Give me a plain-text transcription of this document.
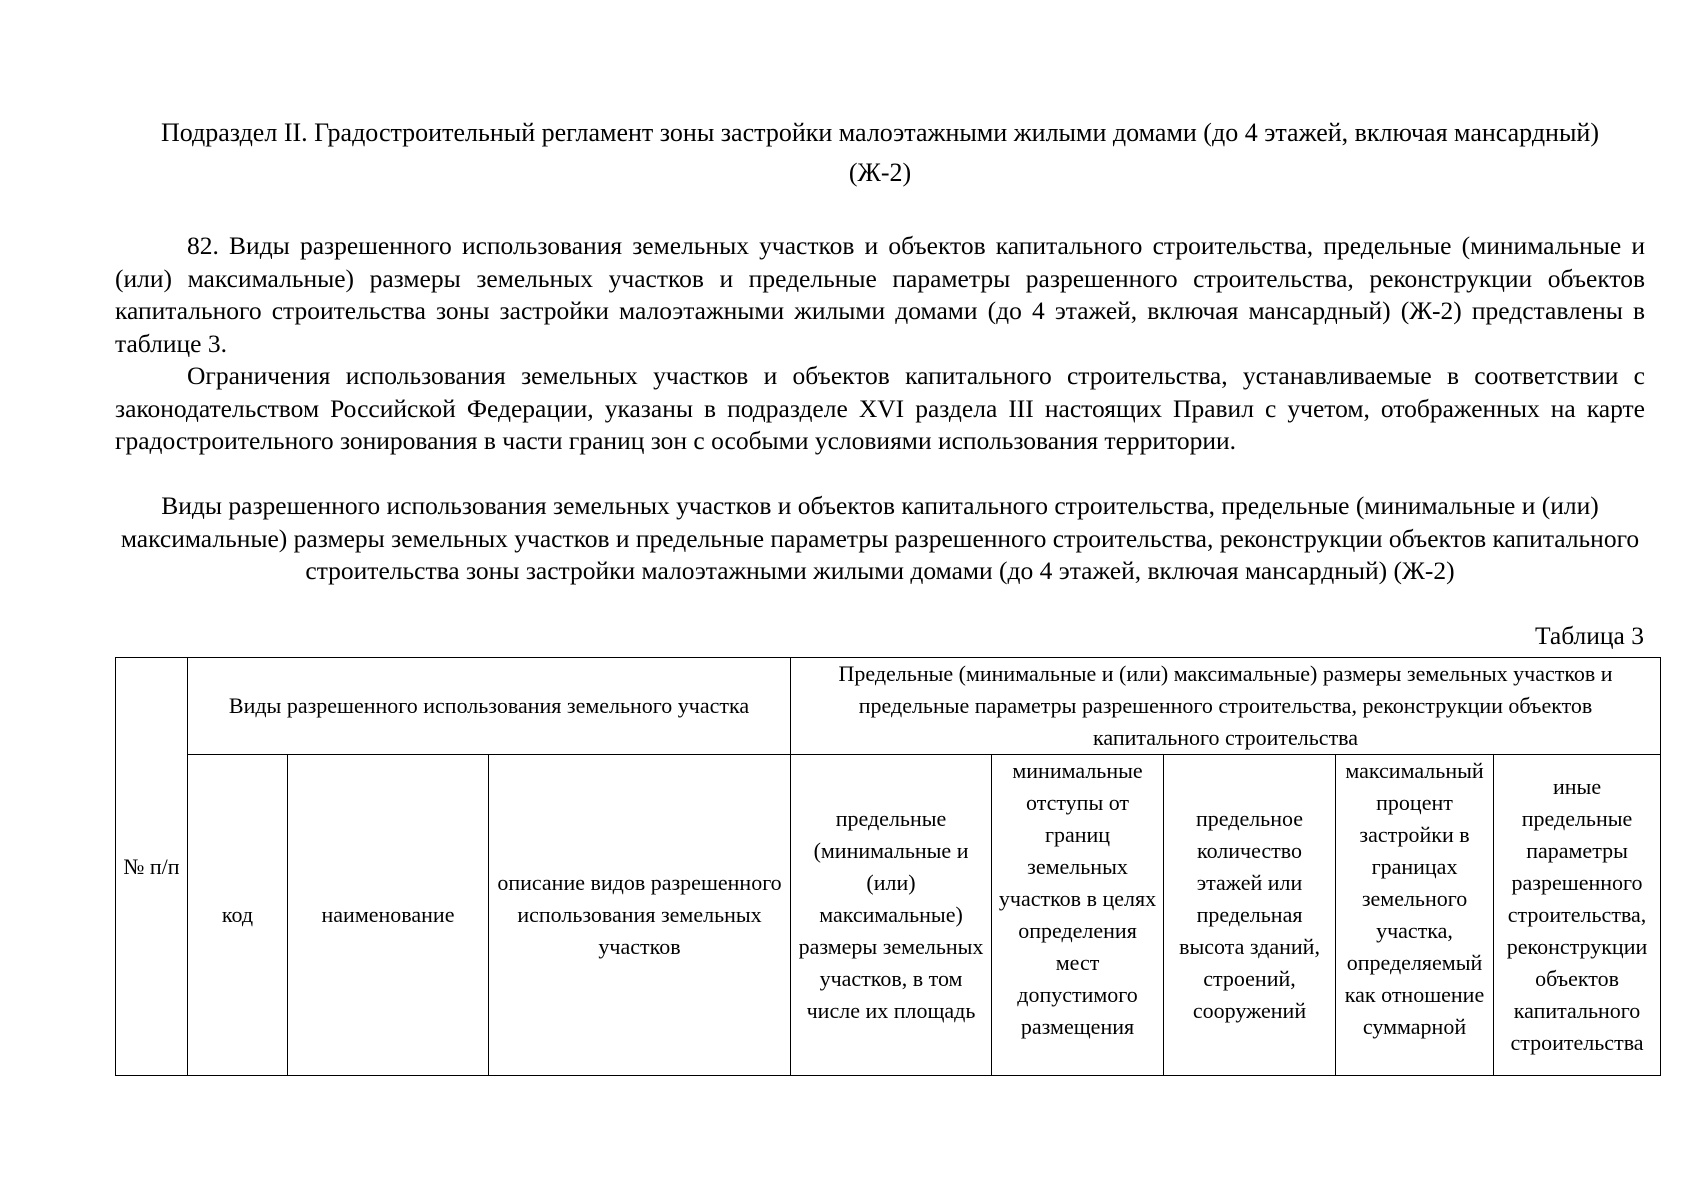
Подраздел II. Градостроительный регламент зоны застройки малоэтажными жилыми домами (до 4 этажей, включая мансардный) (Ж-2)
82. Виды разрешенного использования земельных участков и объектов капитального строительства, предельные (минимальные и (или) максимальные) размеры земельных участков и предельные параметры разрешенного строительства, реконструкции объектов капитального строительства зоны застройки малоэтажными жилыми домами (до 4 этажей, включая мансардный) (Ж-2) представлены в таблице 3.
Ограничения использования земельных участков и объектов капитального строительства, устанавливаемые в соответствии с законодательством Российской Федерации, указаны в подразделе XVI раздела III настоящих Правил с учетом, отображенных на карте градостроительного зонирования в части границ зон с особыми условиями использования территории.
Виды разрешенного использования земельных участков и объектов капитального строительства, предельные (минимальные и (или) максимальные) размеры земельных участков и предельные параметры разрешенного строительства, реконструкции объектов капитального строительства зоны застройки малоэтажными жилыми домами (до 4 этажей, включая мансардный) (Ж-2)
Таблица 3
№ п/п	Виды разрешенного использования земельного участка			Предельные (минимальные и (или) максимальные) размеры земельных участков и предельные параметры разрешенного строительства, реконструкции объектов капитального строительства				
	код	наименование	описание видов разрешенного использования земельных участков	предельные (минимальные и (или) максимальные) размеры земельных участков, в том числе их площадь	минимальные отступы от границ земельных участков в целях определения мест допустимого размещения	предельное количество этажей или предельная высота зданий, строений, сооружений	максимальный процент застройки в границах земельного участка, определяемый как отношение суммарной	иные предельные параметры разрешенного строительства, реконструкции объектов капитального строительства
